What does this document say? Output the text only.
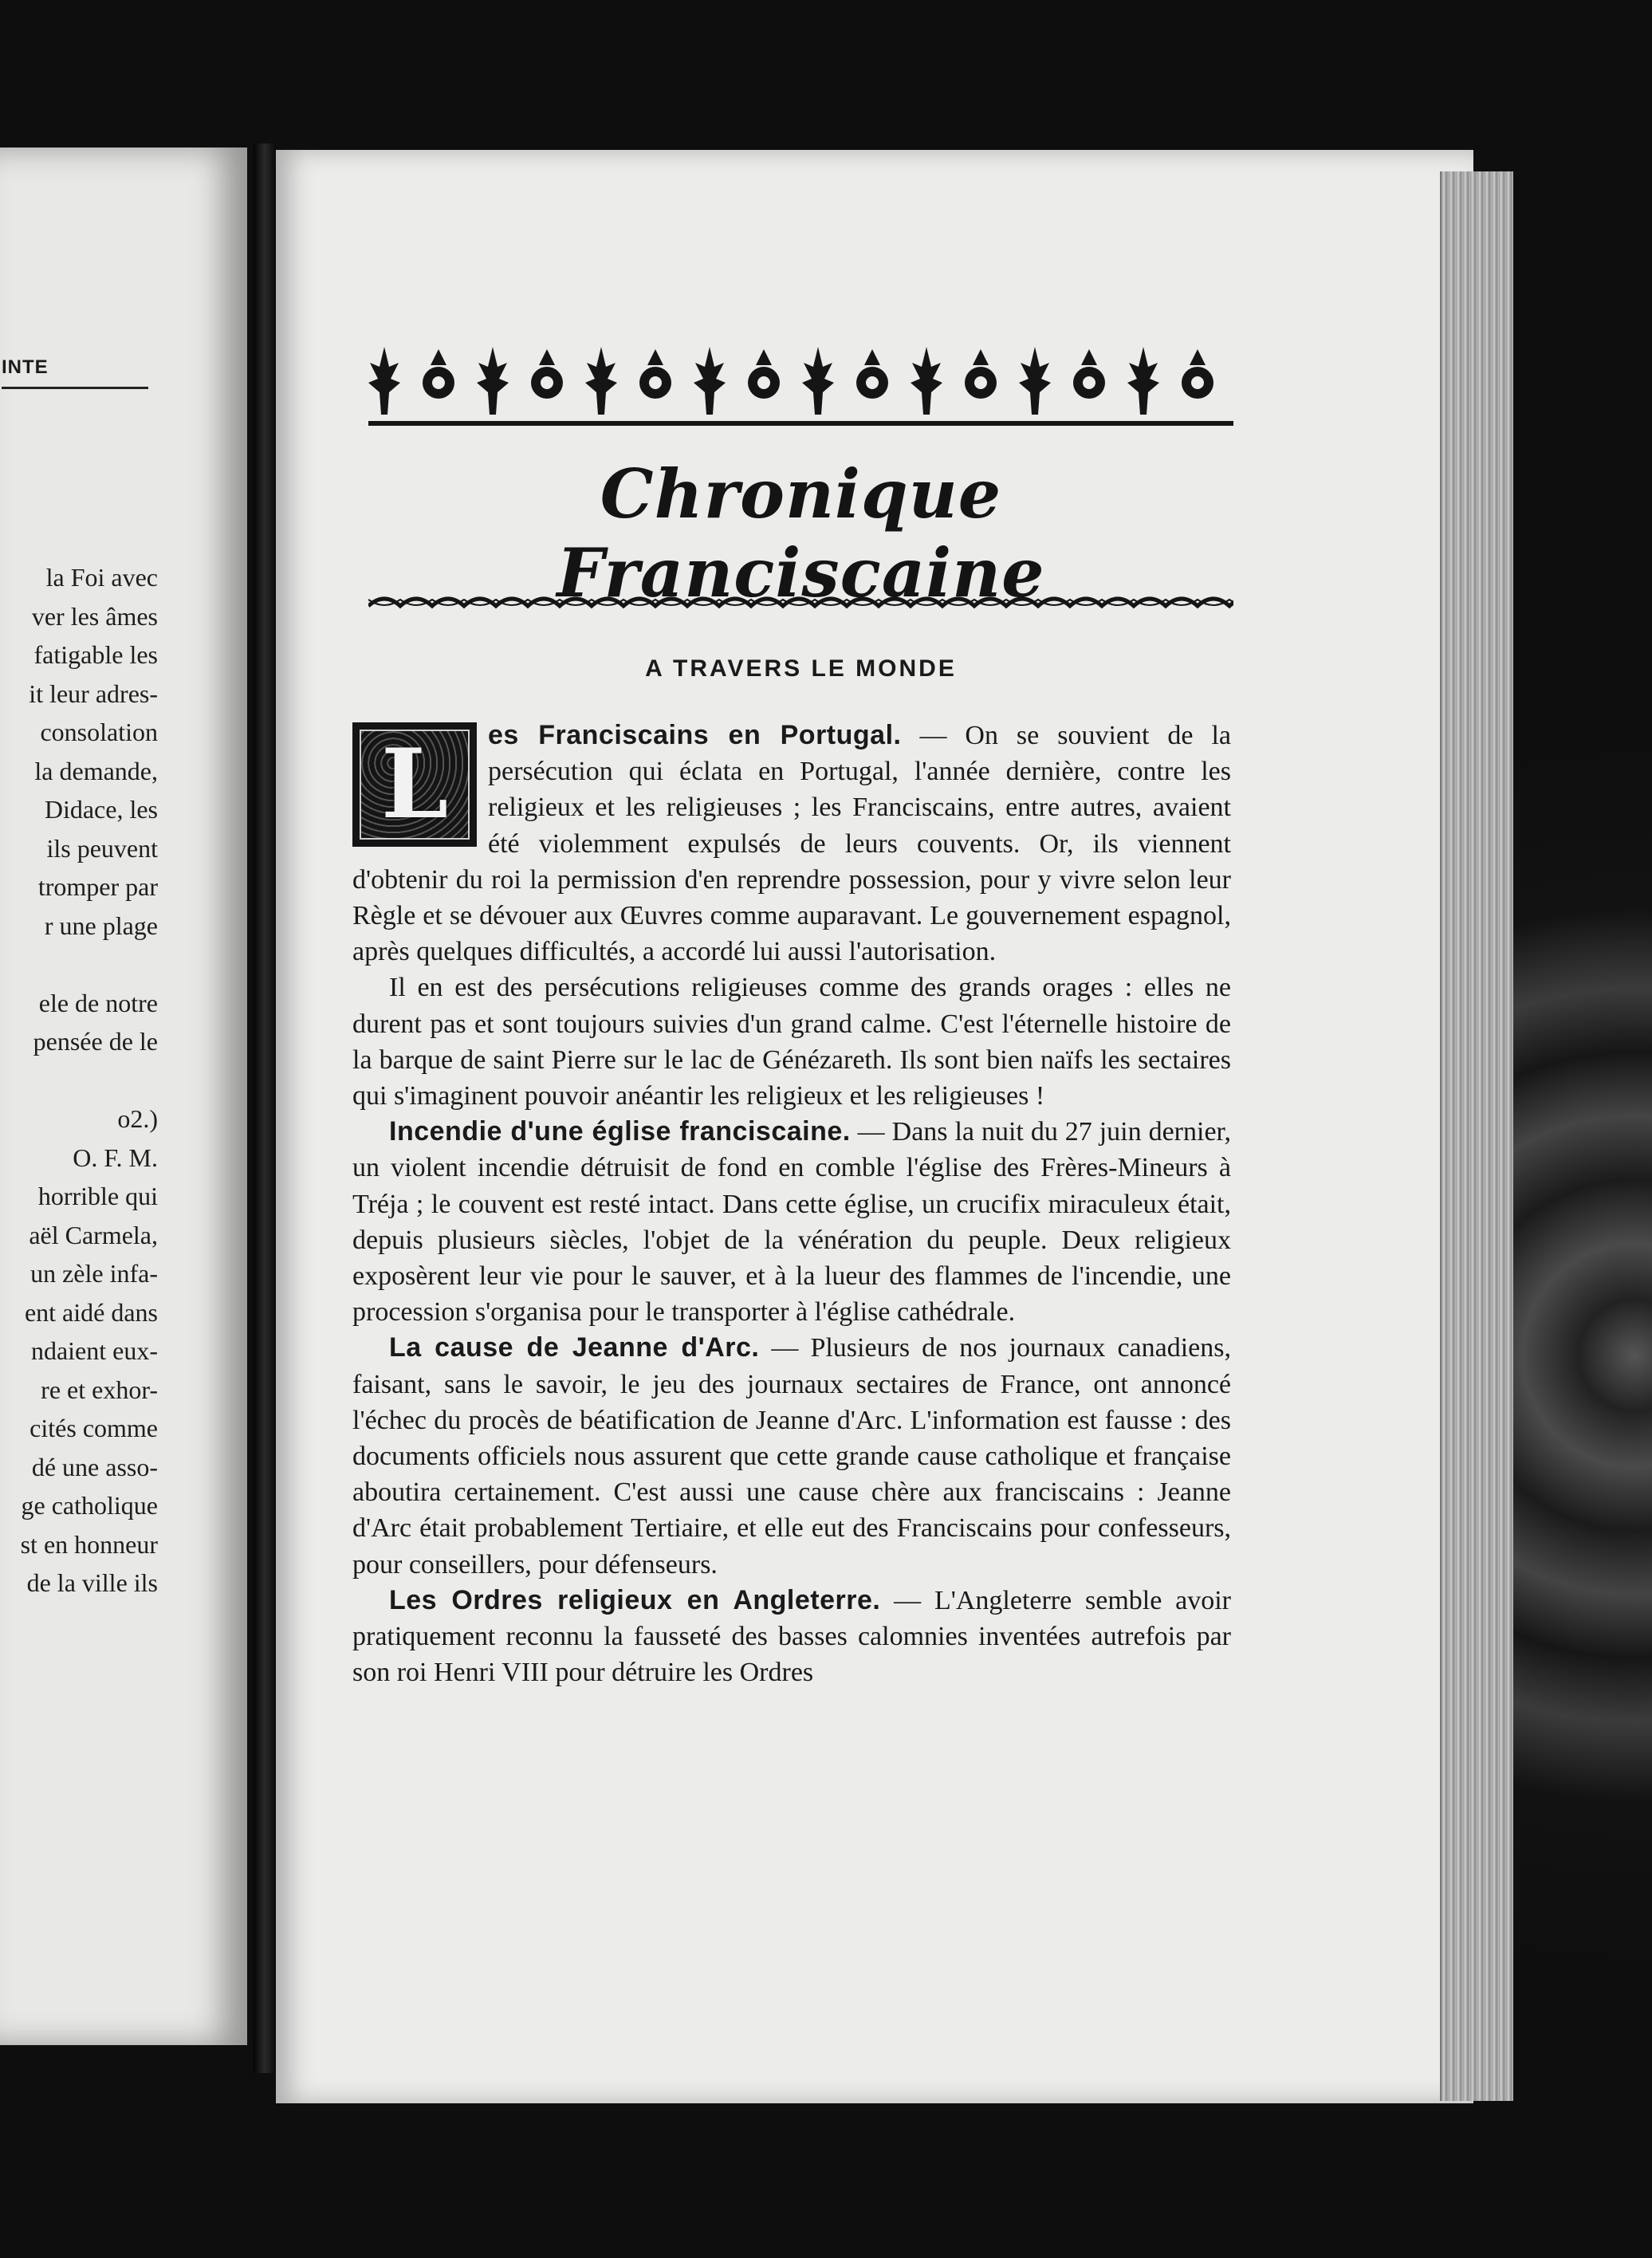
INTE
la Foi avec
ver les âmes
fatigable les
it leur adres-
consolation
la demande,
Didace, les
ils peuvent
tromper par
r une plage

ele de notre
pensée de le

o2.)
O. F. M.
horrible qui
aël Carmela,
un zèle infa-
ent aidé dans
ndaient eux-
re et exhor-
cités comme
dé une asso-
ge catholique
st en honneur
de la ville ils
Chronique Franciscaine
A TRAVERS LE MONDE

L	es Franciscains en Portugal. — On se souvient de la persécution qui éclata en Portugal, l'année dernière, contre les religieux et les religieuses ; les Franciscains, entre autres, avaient été violemment expulsés de leurs couvents. Or, ils viennent d'obtenir du roi la permission d'en reprendre possession, pour y vivre selon leur Règle et se dévouer aux Œuvres comme auparavant. Le gouvernement espagnol, après quelques difficultés, a accordé lui aussi l'autorisation.

Il en est des persécutions religieuses comme des grands orages : elles ne durent pas et sont toujours suivies d'un grand calme. C'est l'éternelle histoire de la barque de saint Pierre sur le lac de Génézareth. Ils sont bien naïfs les sectaires qui s'imaginent pouvoir anéantir les religieux et les religieuses !

Incendie d'une église franciscaine. — Dans la nuit du 27 juin dernier, un violent incendie détruisit de fond en comble l'église des Frères-Mineurs à Tréja ; le couvent est resté intact. Dans cette église, un crucifix miraculeux était, depuis plusieurs siècles, l'objet de la vénération du peuple. Deux religieux exposèrent leur vie pour le sauver, et à la lueur des flammes de l'incendie, une procession s'organisa pour le transporter à l'église cathédrale.

La cause de Jeanne d'Arc. — Plusieurs de nos journaux canadiens, faisant, sans le savoir, le jeu des journaux sectaires de France, ont annoncé l'échec du procès de béatification de Jeanne d'Arc. L'information est fausse : des documents officiels nous assurent que cette grande cause catholique et française aboutira certainement. C'est aussi une cause chère aux franciscains : Jeanne d'Arc était probablement Tertiaire, et elle eut des Franciscains pour confesseurs, pour conseillers, pour défenseurs.

Les Ordres religieux en Angleterre. — L'Angleterre semble avoir pratiquement reconnu la fausseté des basses calomnies inventées autrefois par son roi Henri VIII pour détruire les Ordres
